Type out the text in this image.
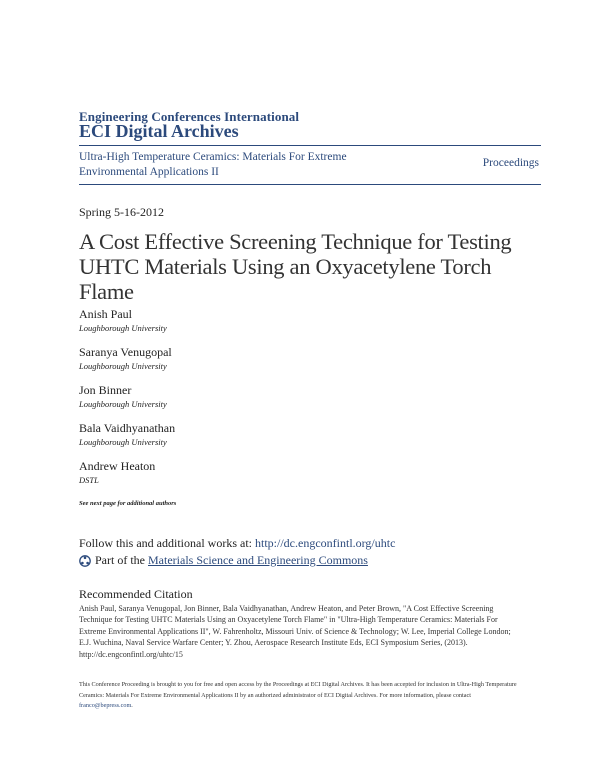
Engineering Conferences International
ECI Digital Archives
Ultra-High Temperature Ceramics: Materials For Extreme Environmental Applications II
Proceedings
Spring 5-16-2012
A Cost Effective Screening Technique for Testing UHTC Materials Using an Oxyacetylene Torch Flame
Anish Paul
Loughborough University
Saranya Venugopal
Loughborough University
Jon Binner
Loughborough University
Bala Vaidhyanathan
Loughborough University
Andrew Heaton
DSTL
See next page for additional authors
Follow this and additional works at: http://dc.engconfintl.org/uhtc
Part of the
Materials Science and Engineering Commons
Recommended Citation
Anish Paul, Saranya Venugopal, Jon Binner, Bala Vaidhyanathan, Andrew Heaton, and Peter Brown, "A Cost Effective Screening Technique for Testing UHTC Materials Using an Oxyacetylene Torch Flame" in "Ultra-High Temperature Ceramics: Materials For Extreme Environmental Applications II", W. Fahrenholtz, Missouri Univ. of Science & Technology; W. Lee, Imperial College London; E.J. Wuchina, Naval Service Warfare Center; Y. Zhou, Aerospace Research Institute Eds, ECI Symposium Series, (2013). http://dc.engconfintl.org/uhtc/15
This Conference Proceeding is brought to you for free and open access by the Proceedings at ECI Digital Archives. It has been accepted for inclusion in Ultra-High Temperature Ceramics: Materials For Extreme Environmental Applications II by an authorized administrator of ECI Digital Archives. For more information, please contact franco@bepress.com.
